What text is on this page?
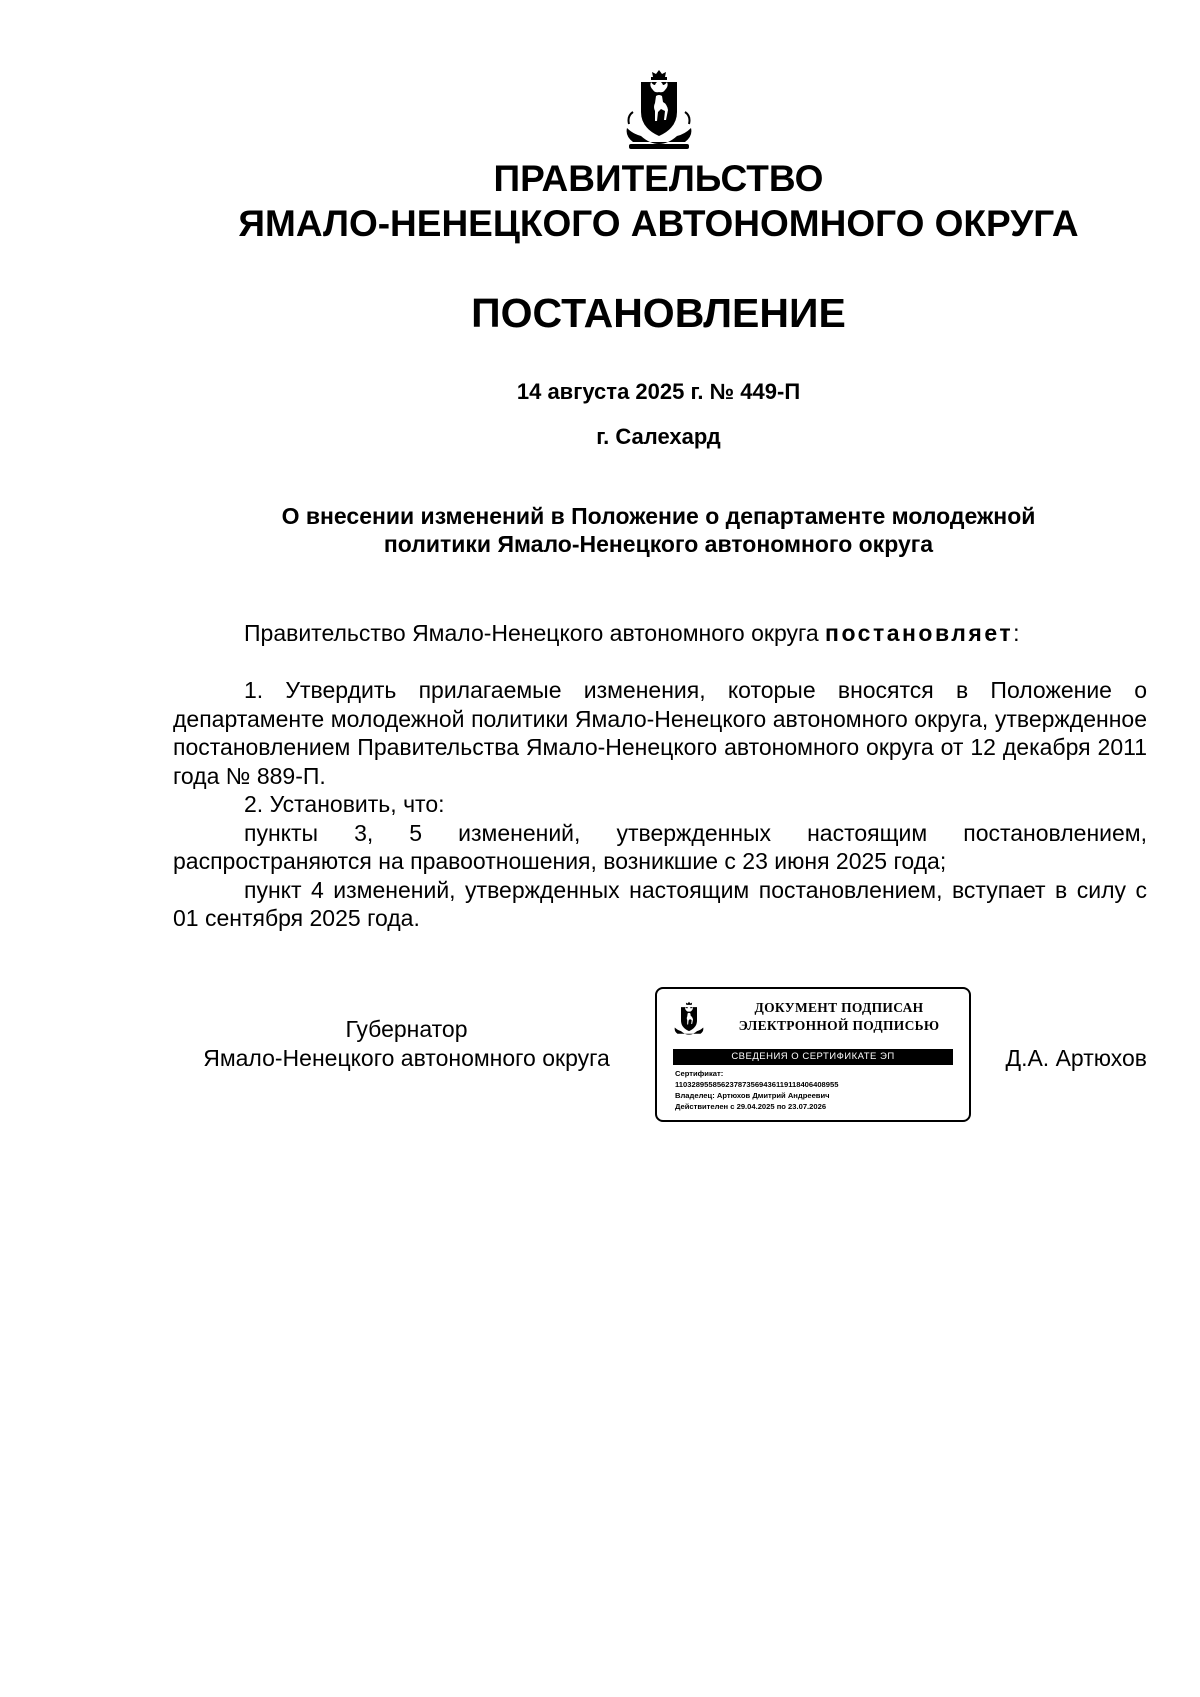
ПРАВИТЕЛЬСТВО
ЯМАЛО-НЕНЕЦКОГО АВТОНОМНОГО ОКРУГА
ПОСТАНОВЛЕНИЕ
14 августа 2025 г. № 449-П
г. Салехард
О внесении изменений в Положение о департаменте молодежной
политики Ямало-Ненецкого автономного округа
Правительство Ямало-Ненецкого автономного округа постановляет:

1. Утвердить прилагаемые изменения, которые вносятся в Положение о департаменте молодежной политики Ямало-Ненецкого автономного округа, утвержденное постановлением Правительства Ямало-Ненецкого автономного округа от 12 декабря 2011 года № 889-П.

2. Установить, что:

пункты 3, 5 изменений, утвержденных настоящим постановлением, распространяются на правоотношения, возникшие с 23 июня 2025 года;

пункт 4 изменений, утвержденных настоящим постановлением, вступает в силу с 01 сентября 2025 года.

Губернатор
Ямало-Ненецкого автономного округа
ДОКУМЕНТ ПОДПИСАН
ЭЛЕКТРОННОЙ ПОДПИСЬЮ
СВЕДЕНИЯ О СЕРТИФИКАТЕ ЭП
Сертификат:
110328955856237873569436119118406408955
Владелец: Артюхов Дмитрий Андреевич
Действителен с 29.04.2025 по 23.07.2026
Д.А. Артюхов
